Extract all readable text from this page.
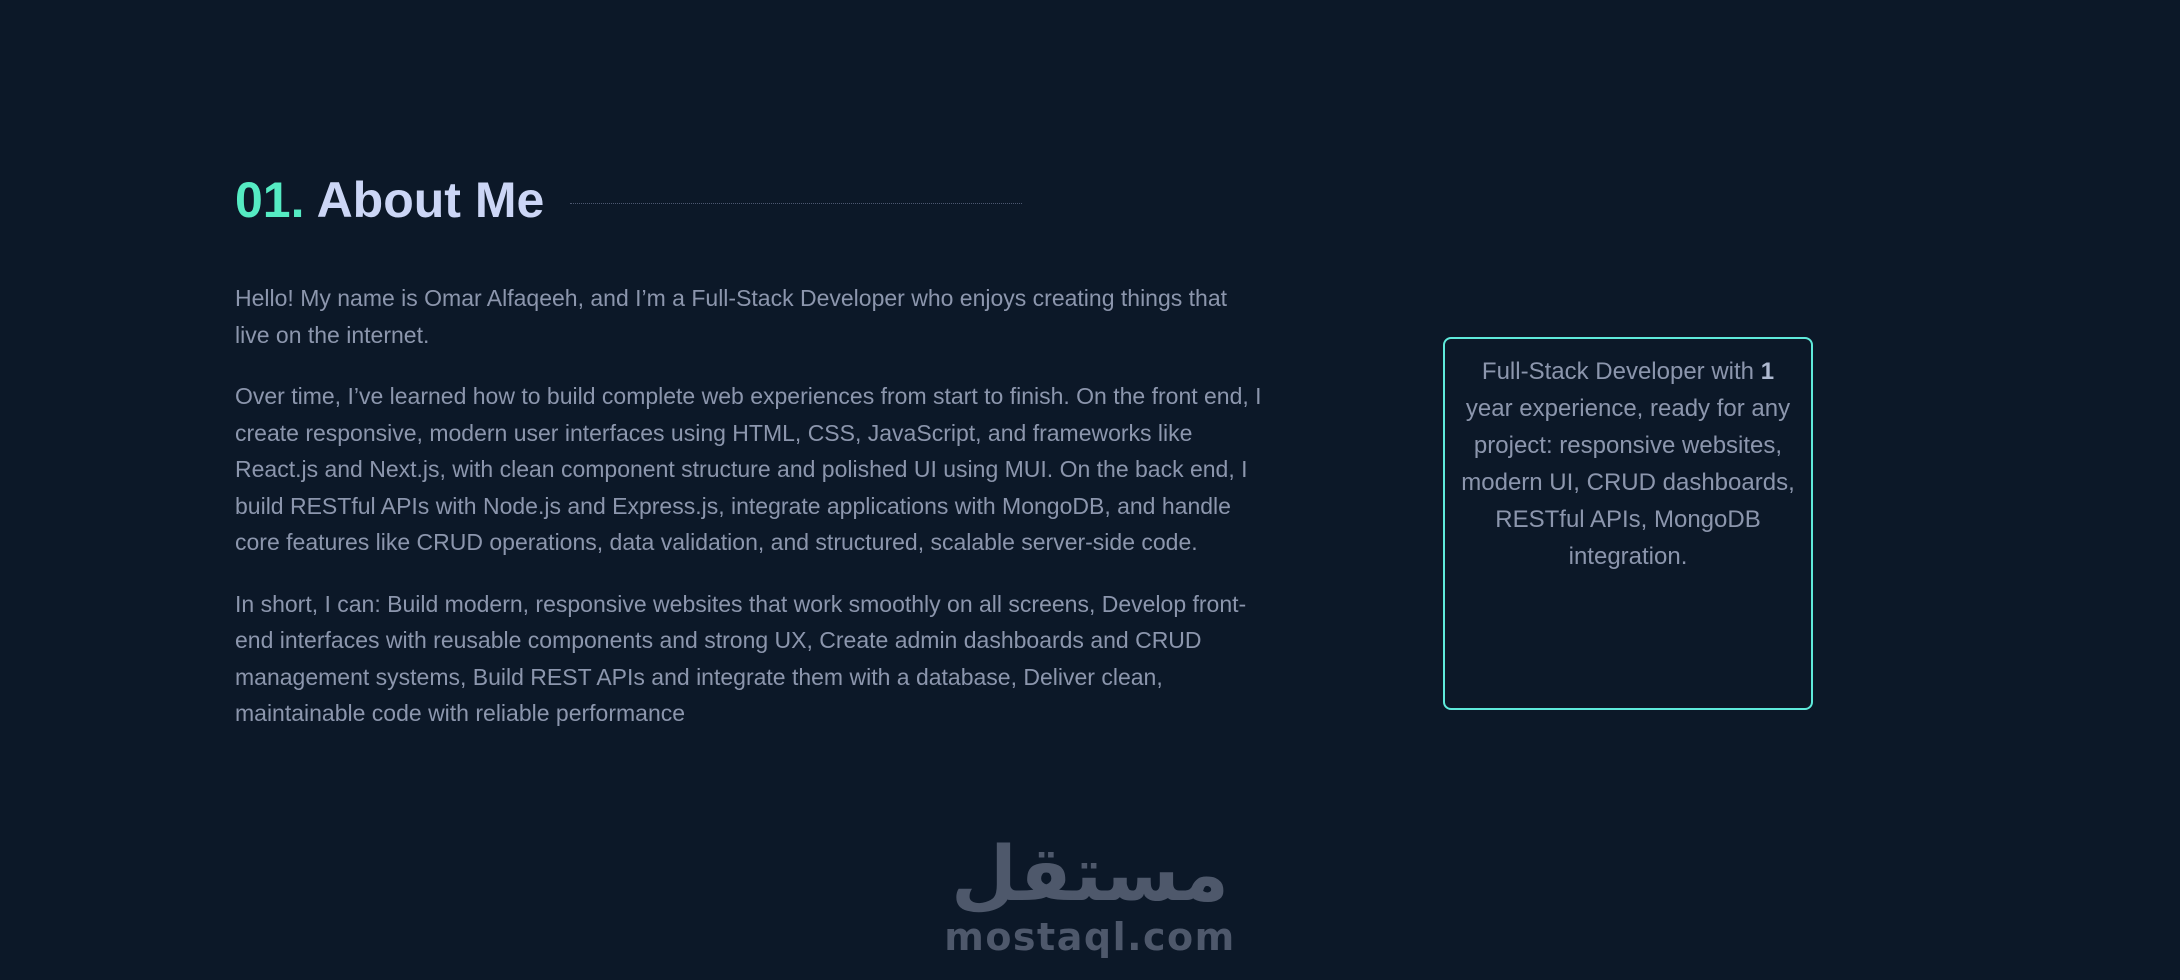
01. About Me

Hello! My name is Omar Alfaqeeh, and I’m a Full-Stack Developer who enjoys creating things that live on the internet.

Over time, I’ve learned how to build complete web experiences from start to finish. On the front end, I create responsive, modern user interfaces using HTML, CSS, JavaScript, and frameworks like React.js and Next.js, with clean component structure and polished UI using MUI. On the back end, I build RESTful APIs with Node.js and Express.js, integrate applications with MongoDB, and handle core features like CRUD operations, data validation, and structured, scalable server-side code.

In short, I can: Build modern, responsive websites that work smoothly on all screens, Develop front-end interfaces with reusable components and strong UX, Create admin dashboards and CRUD management systems, Build REST APIs and integrate them with a database, Deliver clean, maintainable code with reliable performance

Full-Stack Developer with 1 year experience, ready for any project: responsive websites, modern UI, CRUD dashboards, RESTful APIs, MongoDB integration.

مستقل
mostaql.com
